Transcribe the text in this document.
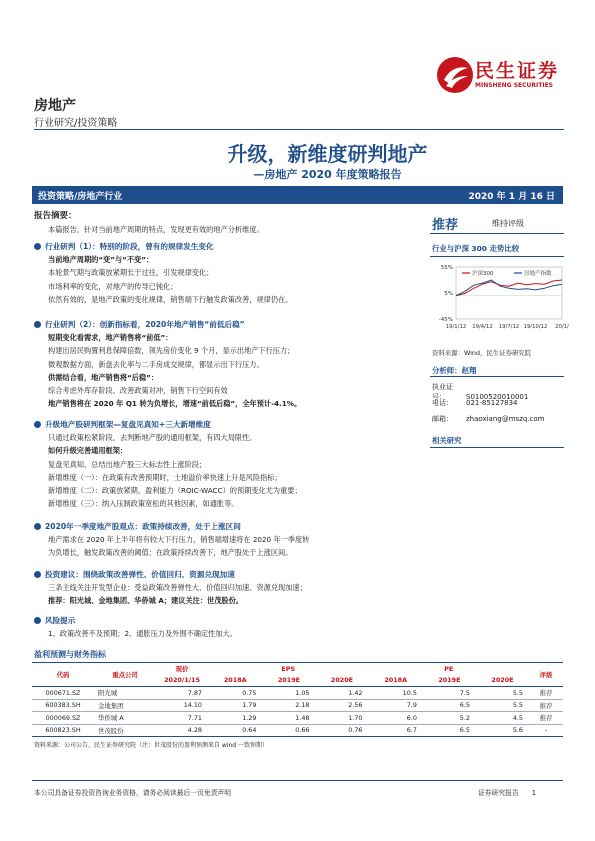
民生证券
MINSHENG SECURITIES
房地产
行业研究/投资策略
升级，新维度研判地产
—房地产 2020 年度策略报告
投资策略/房地产行业	2020 年 1 月 16 日
报告摘要：
本篇报告，针对当前地产周期的特点，发现更有效的地产分析维度。
行业研判（1）：特别的阶段，曾有的规律发生变化
当前地产周期的“变”与“不变”：
本轮景气期与政策放紧期长于过往，引发规律变化；
市场利率的变化，对地产的传导已钝化；
依然有效的，是地产政策的变化规律，销售端下行触发政策改善，规律仍在。
行业研判（2）：创新指标看，2020年地产销售“前低后稳”
短期变化看需求，地产销售将“前低”：
构建出居民购置利息保障倍数，领先房价变化 9 个月，显示出地产下行压力；
微观数据方面，新盘去化率与二手房成交规律，都显示出下行压力。
供需结合看，地产销售将“后稳”：
综合考虑外库存阶段、改善政策对冲，销售下行空间有效
地产销售将在 2020 年 Q1 转为负增长，增速“前低后稳”，全年预计-4.1%。
升级地产股研判框架—复盘见真知+三大新增维度
只通过政策松紧阶段，去判断地产股的通用框架，有四大局限性。
如何升级完善通用框架：
复盘见真知，总结出地产股三大标志性上涨阶段；
新增维度（一）：在政策有改善预期时，土地溢价率快速上升是风险指标；
新增维度（二）：政策放紧期，盈利能力（ROIC-WACC）的预期变化尤为重要；
新增维度（三）：纳入压制政策宽松的其他因素，如通胀等。
2020年一季度地产股观点：政策持续改善，处于上涨区间
地产需求在 2020 年上半年将有较大下行压力，销售端增速将在 2020 年一季度转
为负增长，触发政策改善的阈值；在政策持续改善下，地产股处于上涨区间。
投资建议：围绕政策改善弹性、价值回归、资源兑现加速
三条主线关注开发型企业：受益政策改善弹性大、价值回归加速、资源兑现加速；
推荐：阳光城、金地集团、华侨城 A；建议关注：世茂股份。
风险提示
1、政策改善不及预期；2、通胀压力及外围不确定性加大。
推荐	维持评级
行业与沪深 300 走势比较
55%
5%
-45%
沪深300	房地产指数
19/1/12 19/4/12 19/7/12 19/10/12 20/1/
资料来源：Wind，民生证券研究院
分析师：赵翔
执业证号：	S0100520010001
电话： 021-85127834
邮箱： zhaoxiang@mszq.com
相关研究
盈利预测与财务指标
代码	重点公司	现价	EPS			PE			评级
		2020/1/15	2018A	2019E	2020E	2018A	2019E	2020E	
000671.SZ	阳光城	7.87	0.75	1.05	1.42	10.5	7.5	5.5	推荐
600383.SH	金地集团	14.10	1.79	2.18	2.56	7.9	6.5	5.5	推荐
000069.SZ	华侨城 A	7.71	1.29	1.48	1.70	6.0	5.2	4.5	推荐
600823.SH	世茂股份	4.28	0.64	0.66	0.76	6.7	6.5	5.6	-
资料来源：公司公告、民生证券研究院（注：世茂股份的盈利预测来自 wind 一致预期）
本公司具备证券投资咨询业务资格，请务必阅读最后一页免责声明	证券研究报告 1
